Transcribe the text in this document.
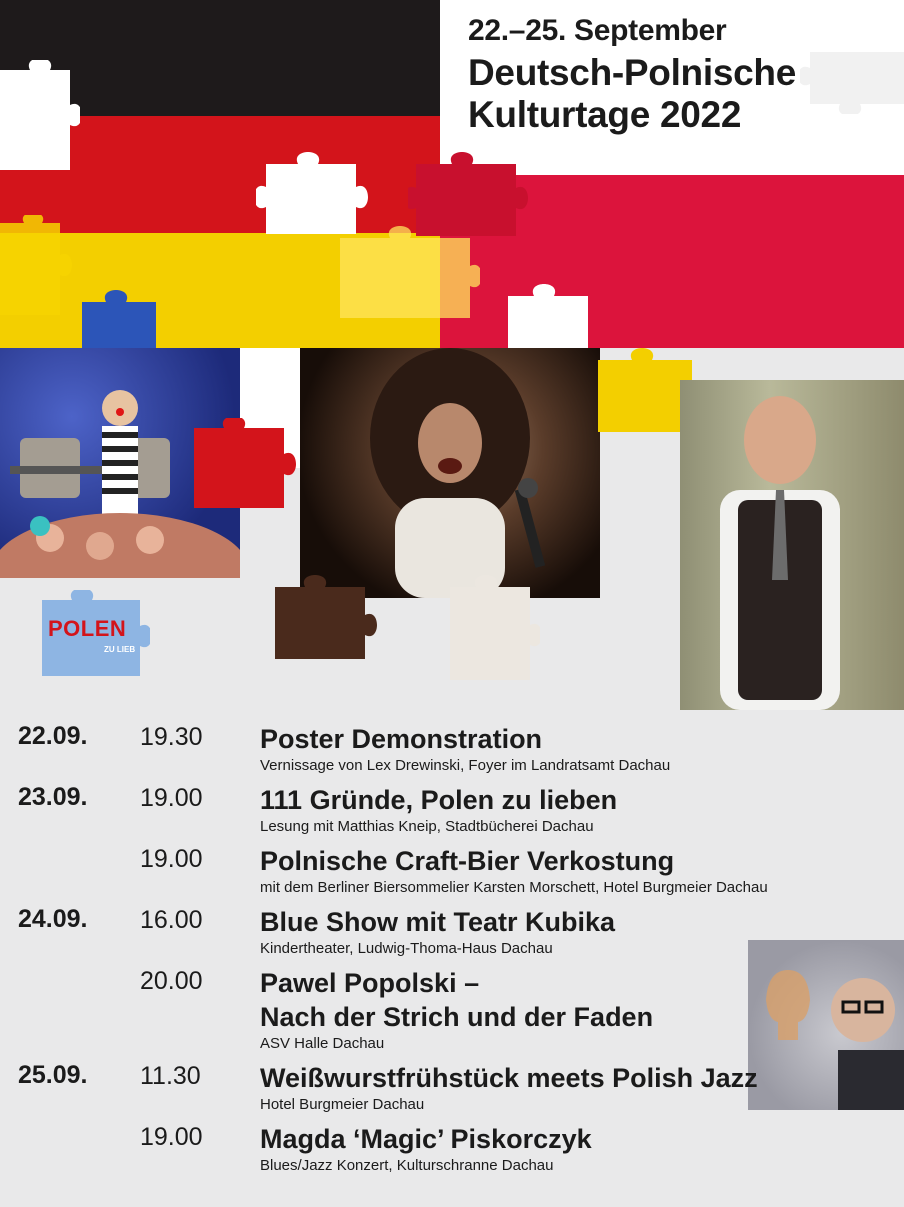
POLEN
ZU LIEB
22.–25. September
Deutsch-Polnische
Kulturtage 2022
22.09. 19.30 Poster Demonstration
Vernissage von Lex Drewinski, Foyer im Landratsamt Dachau
23.09. 19.00 111 Gründe, Polen zu lieben
Lesung mit Matthias Kneip, Stadtbücherei Dachau
19.00 Polnische Craft-Bier Verkostung
mit dem Berliner Biersommelier Karsten Morschett, Hotel Burgmeier Dachau
24.09. 16.00 Blue Show mit Teatr Kubika
Kindertheater, Ludwig-Thoma-Haus Dachau
20.00 Pawel Popolski –
Nach der Strich und der Faden
ASV Halle Dachau
25.09. 11.30 Weißwurstfrühstück meets Polish Jazz
Hotel Burgmeier Dachau
19.00 Magda ‘Magic’ Piskorczyk
Blues/Jazz Konzert, Kulturschranne Dachau
